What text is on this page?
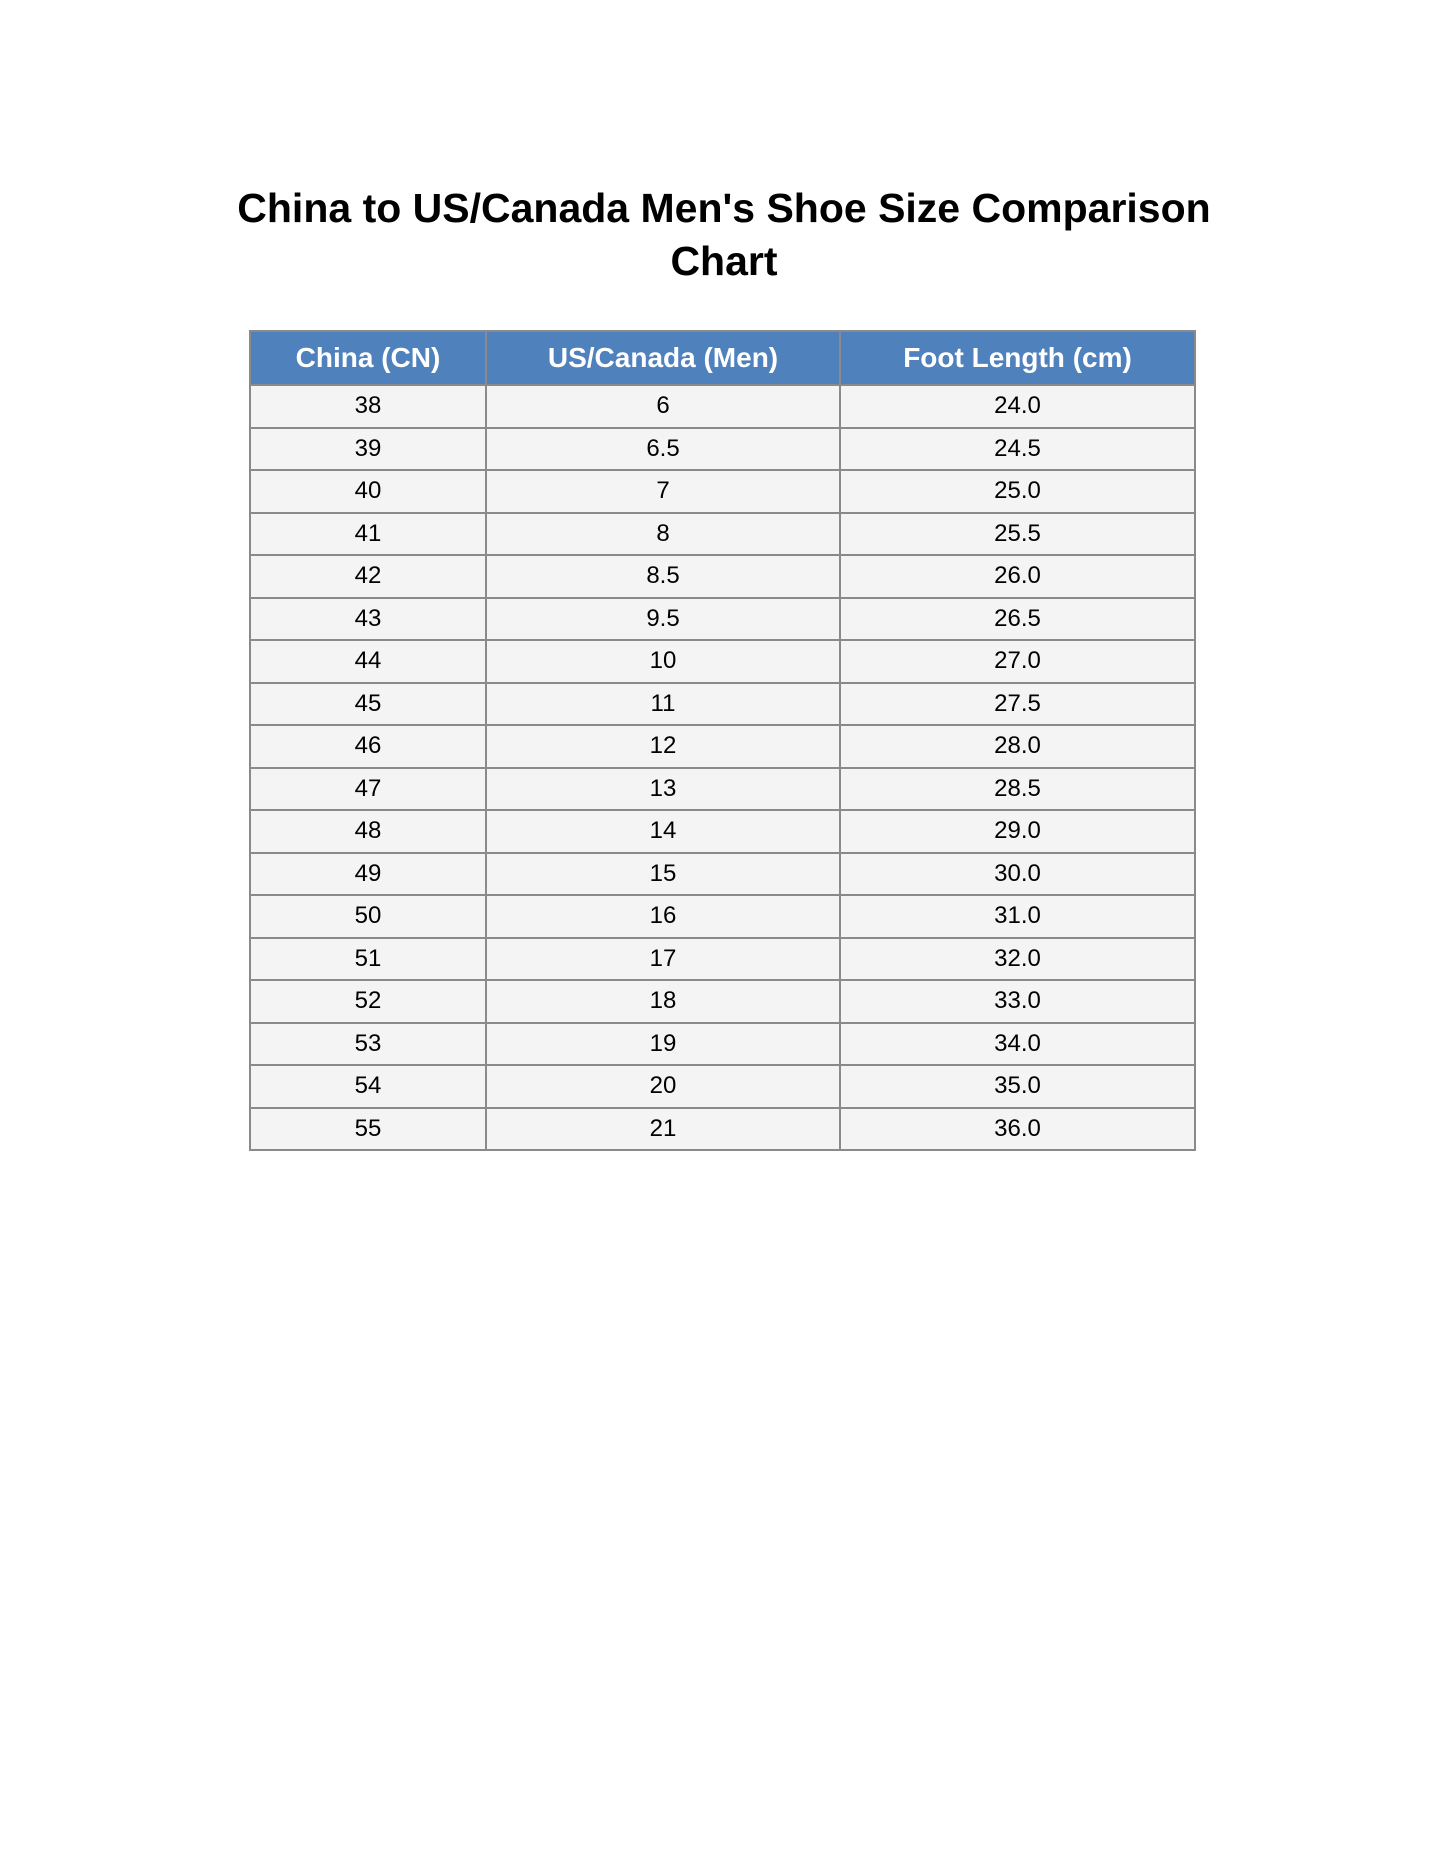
China to US/Canada Men's Shoe Size Comparison Chart
China (CN)	US/Canada (Men)	Foot Length (cm)
38	6	24.0
39	6.5	24.5
40	7	25.0
41	8	25.5
42	8.5	26.0
43	9.5	26.5
44	10	27.0
45	11	27.5
46	12	28.0
47	13	28.5
48	14	29.0
49	15	30.0
50	16	31.0
51	17	32.0
52	18	33.0
53	19	34.0
54	20	35.0
55	21	36.0
